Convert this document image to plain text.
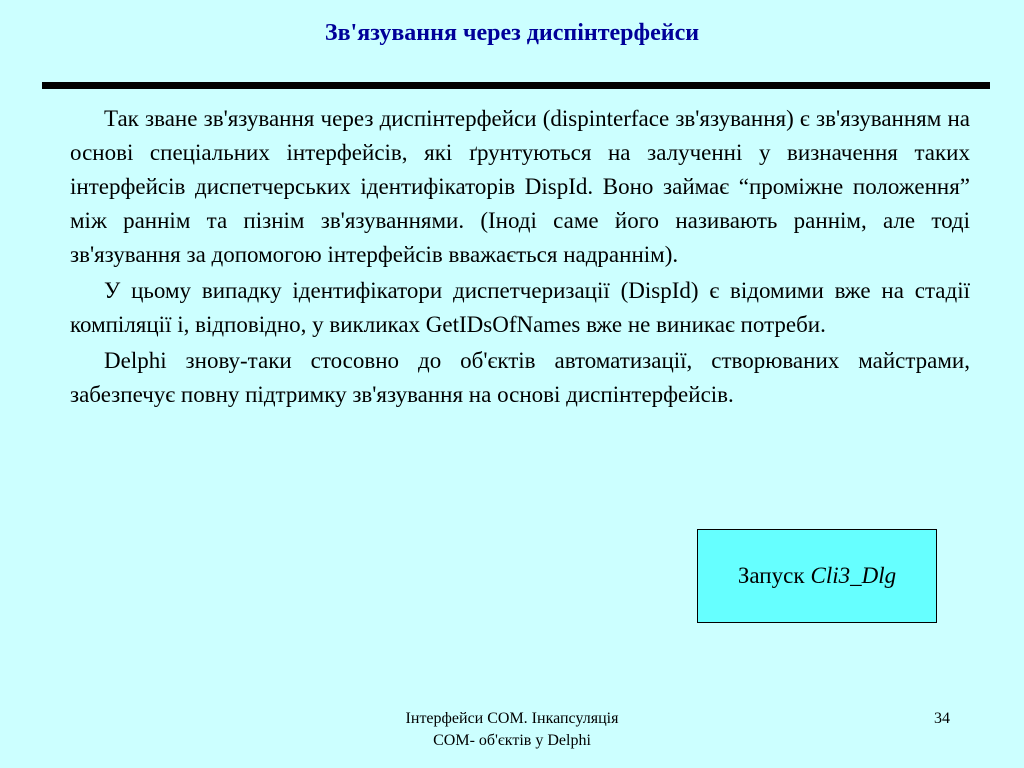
Зв'язування через диспінтерфейси

Так зване зв'язування через диспінтерфейси (dispinterface зв'язування) є зв'язуванням на основі спеціальних інтерфейсів, які ґрунтуються на залученні у визначення таких інтерфейсів диспетчерських ідентифікаторів DispId. Воно займає “проміжне положення” між раннім та пізнім зв'язуваннями. (Іноді саме його називають раннім, але тоді зв'язування за допомогою інтерфейсів вважається надраннім).

У цьому випадку ідентифікатори диспетчеризації (DispId) є відомими вже на стадії компіляції і, відповідно, у викликах GetIDsOfNames вже не виникає потреби.

Delphi знову-таки стосовно до об'єктів автоматизації, створюваних майстрами, забезпечує повну підтримку зв'язування на основі диспінтерфейсів.

Запуск Cli3_Dlg
Інтерфейси СОМ. Інкапсуляція
СОМ- об'єктів у Delphi
34
